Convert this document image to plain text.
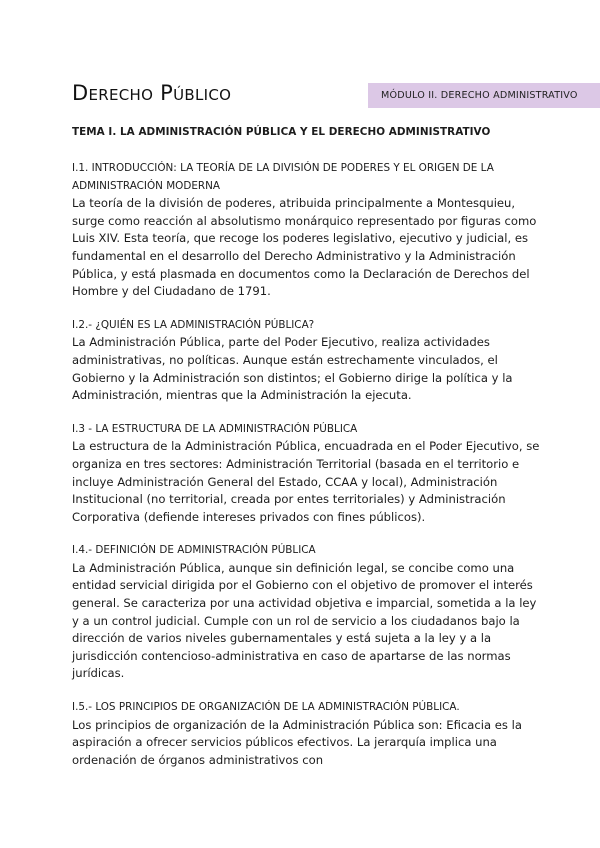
Derecho Público	MÓDULO II. DERECHO ADMINISTRATIVO
TEMA I. LA ADMINISTRACIÓN PÚBLICA Y EL DERECHO ADMINISTRATIVO

I.1. INTRODUCCIÓN: LA TEORÍA DE LA DIVISIÓN DE PODERES Y EL ORIGEN DE LA ADMINISTRACIÓN MODERNA

La teoría de la división de poderes, atribuida principalmente a Montesquieu, surge como reacción al absolutismo monárquico representado por figuras como Luis XIV. Esta teoría, que recoge los poderes legislativo, ejecutivo y judicial, es fundamental en el desarrollo del Derecho Administrativo y la Administración Pública, y está plasmada en documentos como la Declaración de Derechos del Hombre y del Ciudadano de 1791.

I.2.- ¿QUIÉN ES LA ADMINISTRACIÓN PÚBLICA?

La Administración Pública, parte del Poder Ejecutivo, realiza actividades administrativas, no políticas. Aunque están estrechamente vinculados, el Gobierno y la Administración son distintos; el Gobierno dirige la política y la Administración, mientras que la Administración la ejecuta.

I.3 - LA ESTRUCTURA DE LA ADMINISTRACIÓN PÚBLICA

La estructura de la Administración Pública, encuadrada en el Poder Ejecutivo, se organiza en tres sectores: Administración Territorial (basada en el territorio e incluye Administración General del Estado, CCAA y local), Administración Institucional (no territorial, creada por entes territoriales) y Administración Corporativa (defiende intereses privados con fines públicos).

I.4.- DEFINICIÓN DE ADMINISTRACIÓN PÚBLICA

La Administración Pública, aunque sin definición legal, se concibe como una entidad servicial dirigida por el Gobierno con el objetivo de promover el interés general. Se caracteriza por una actividad objetiva e imparcial, sometida a la ley y a un control judicial. Cumple con un rol de servicio a los ciudadanos bajo la dirección de varios niveles gubernamentales y está sujeta a la ley y a la jurisdicción contencioso-administrativa en caso de apartarse de las normas jurídicas.

I.5.- LOS PRINCIPIOS DE ORGANIZACIÓN DE LA ADMINISTRACIÓN PÚBLICA.

Los principios de organización de la Administración Pública son: Eficacia es la aspiración a ofrecer servicios públicos efectivos. La jerarquía implica una ordenación de órganos administrativos con
